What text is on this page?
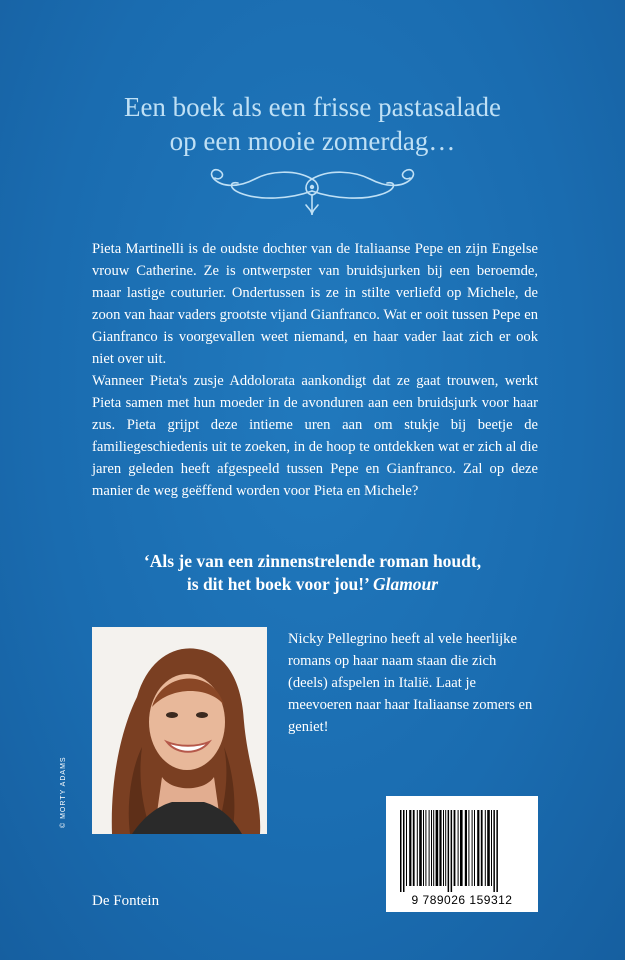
Een boek als een frisse pastasalade
op een mooie zomerdag…

Pieta Martinelli is de oudste dochter van de Italiaanse Pepe en zijn Engelse vrouw Catherine. Ze is ontwerpster van bruidsjurken bij een beroemde, maar lastige couturier. Ondertussen is ze in stilte verliefd op Michele, de zoon van haar vaders grootste vijand Gianfranco. Wat er ooit tussen Pepe en Gianfranco is voorgevallen weet niemand, en haar vader laat zich er ook niet over uit.

Wanneer Pieta's zusje Addolorata aankondigt dat ze gaat trouwen, werkt Pieta samen met hun moeder in de avonduren aan een bruidsjurk voor haar zus. Pieta grijpt deze intieme uren aan om stukje bij beetje de familiegeschiedenis uit te zoeken, in de hoop te ontdekken wat er zich al die jaren geleden heeft afgespeeld tussen Pepe en Gianfranco. Zal op deze manier de weg geëffend worden voor Pieta en Michele?

‘Als je van een zinnenstrelende roman houdt,
is dit het boek voor jou!’ Glamour
© MORTY ADAMS
Nicky Pellegrino heeft al vele heerlijke romans op haar naam staan die zich (deels) afspelen in Italië. Laat je meevoeren naar haar Italiaanse zomers en geniet!
9 789026 159312
De Fontein
